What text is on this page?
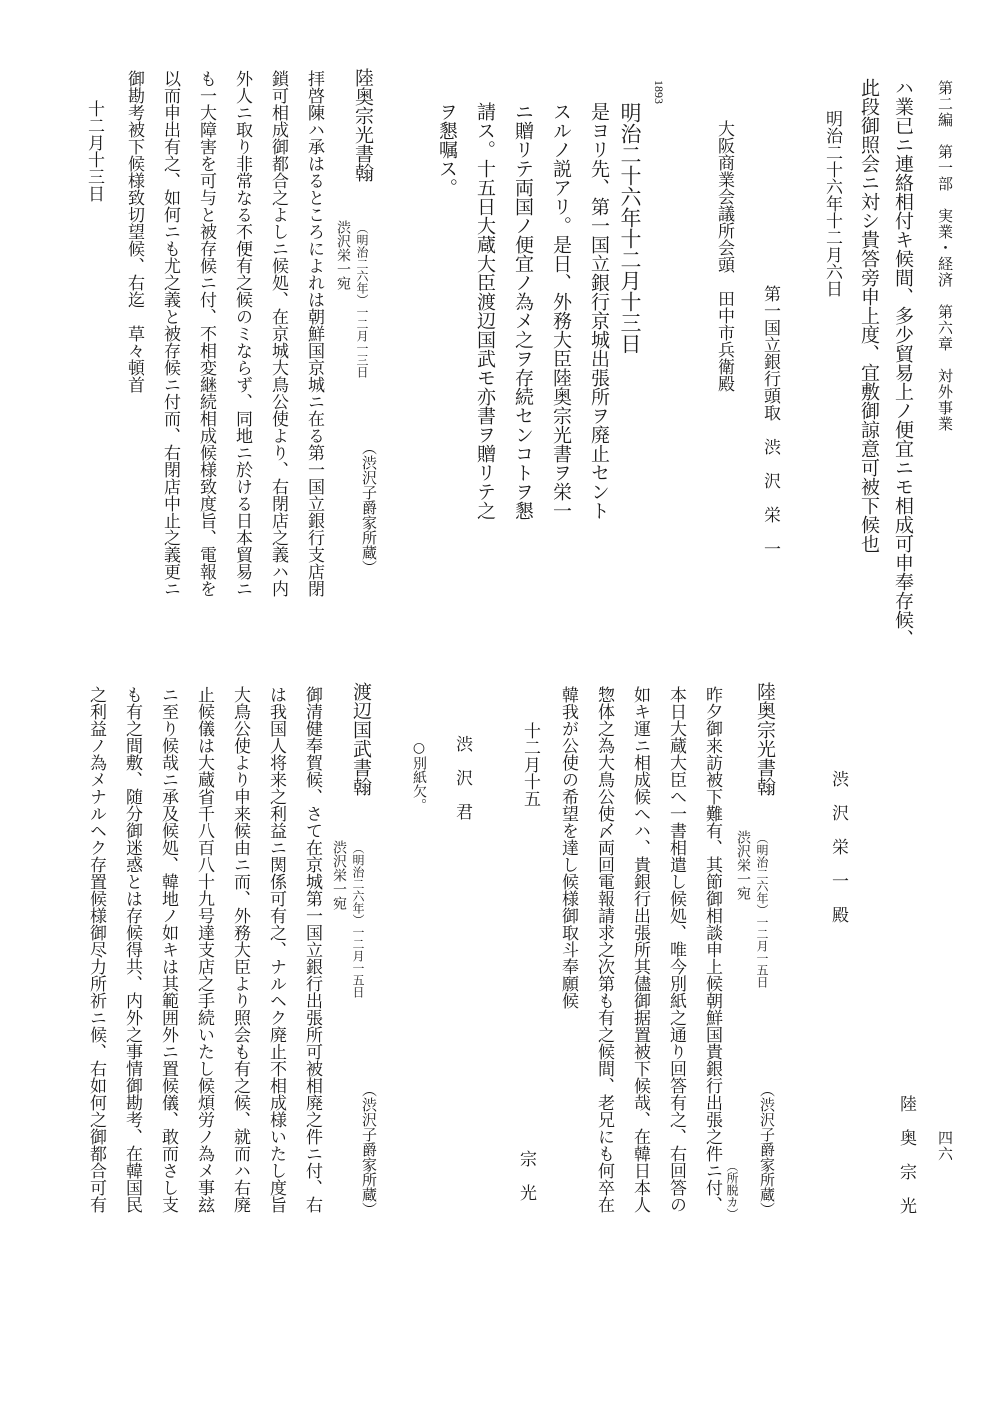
第二編　第一部　実業・経済　第六章　対外事業
ハ業已ニ連絡相付キ候間、多少貿易上ノ便宜ニモ相成可申奉存候、
此段御照会ニ対シ貴答旁申上度、宜敷御諒意可被下候也
明治二十六年十二月六日
第一国立銀行頭取　渋　沢　栄　一
大阪商業会議所会頭　田中市兵衛殿
1893
明治二十六年十二月十三日
是ヨリ先、第一国立銀行京城出張所ヲ廃止セント
スルノ説アリ。是日、外務大臣陸奥宗光書ヲ栄一
ニ贈リテ両国ノ便宜ノ為メ之ヲ存続センコトヲ懇
請ス。十五日大蔵大臣渡辺国武モ亦書ヲ贈リテ之
ヲ懇嘱ス。
陸奥宗光書翰
渋沢栄一宛 （明治二六年）一二月一三日
（渋沢子爵家所蔵）
拝啓陳ハ承はるところによれは朝鮮国京城ニ在る第一国立銀行支店閉
鎖可相成御都合之よしニ候処、在京城大鳥公使より、右閉店之義ハ内
外人ニ取り非常なる不便有之候のミならず、同地ニ於ける日本貿易ニ
も一大障害を可与と被存候ニ付、不相変継続相成候様致度旨、電報を
以而申出有之、如何ニも尤之義と被存候ニ付而、右閉店中止之義更ニ
御勘考被下候様致切望候、右迄　草々頓首
十二月十三日
四六
陸　奥　宗　光
渋　沢　栄　一　殿
陸奥宗光書翰
渋沢栄一宛 （明治二六年）一二月一五日
（渋沢子爵家所蔵）
（所脱カ）
昨夕御来訪被下難有、其節御相談申上候朝鮮国貴銀行出張之件ニ付、
本日大蔵大臣へ一書相遣し候処、唯今別紙之通り回答有之、右回答の
如キ運ニ相成候へハ、貴銀行出張所其儘御据置被下候哉、在韓日本人
惣体之為大鳥公使〆両回電報請求之次第も有之候間、老兄にも何卒在
韓我が公使の希望を達し候様御取斗奉願候
十二月十五
宗　光
渋　沢　君
○別紙欠。
渡辺国武書翰
渋沢栄一宛 （明治二六年）一二月一五日
（渋沢子爵家所蔵）
御清健奉賀候、さて在京城第一国立銀行出張所可被相廃之件ニ付、右
は我国人将来之利益ニ関係可有之、ナルヘク廃止不相成様いたし度旨
大鳥公使より申来候由ニ而、外務大臣より照会も有之候、就而ハ右廃
止候儀は大蔵省千八百八十九号達支店之手続いたし候煩労ノ為メ事玆
ニ至り候哉ニ承及候処、韓地ノ如キは其範囲外ニ置候儀、敢而さし支
も有之間敷、随分御迷惑とは存候得共、内外之事情御勘考、在韓国民
之利益ノ為メナルヘク存置候様御尽力所祈ニ候、右如何之御都合可有
